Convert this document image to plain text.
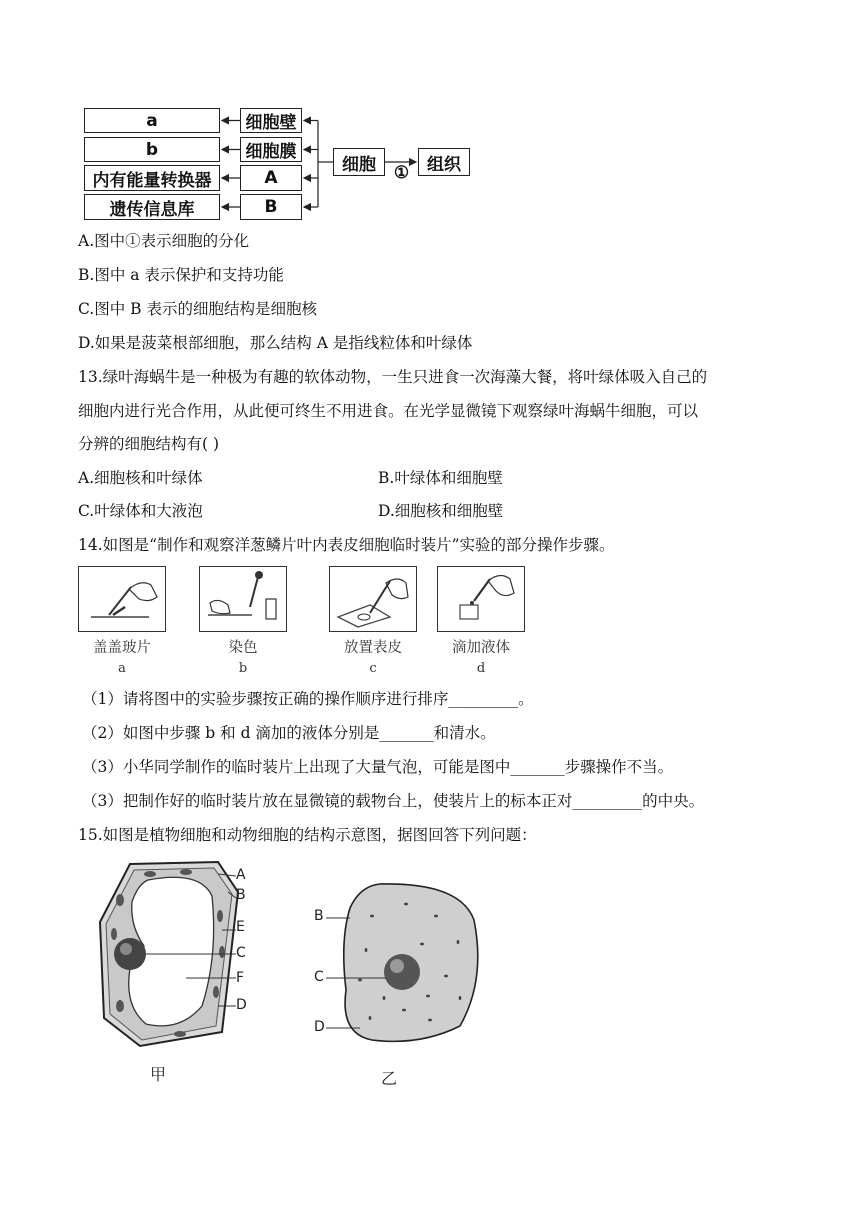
a
b
内有能量转换器
遗传信息库
细胞壁
细胞膜
A
B
细胞	组织
①
A.图中①表示细胞的分化
B.图中 a 表示保护和支持功能
C.图中 B 表示的细胞结构是细胞核
D.如果是菠菜根部细胞，那么结构 A 是指线粒体和叶绿体
13.绿叶海蜗牛是一种极为有趣的软体动物，一生只进食一次海藻大餐，将叶绿体吸入自己的
细胞内进行光合作用，从此便可终生不用进食。在光学显微镜下观察绿叶海蜗牛细胞，可以
分辨的细胞结构有( )
A.细胞核和叶绿体	B.叶绿体和细胞壁
C.叶绿体和大液泡	D.细胞核和细胞壁
14.如图是“制作和观察洋葱鳞片叶内表皮细胞临时装片”实验的部分操作步骤。
盖盖玻片
a
染色
b
放置表皮
c
滴加液体
d
（1）请将图中的实验步骤按正确的操作顺序进行排序_________。
（2）如图中步骤 b 和 d 滴加的液体分别是_______和清水。
（3）小华同学制作的临时装片上出现了大量气泡，可能是图中_______步骤操作不当。
（3）把制作好的临时装片放在显微镜的载物台上，使装片上的标本正对_________的中央。
15.如图是植物细胞和动物细胞的结构示意图，据图回答下列问题：
A
B
E
C
F
D
甲
B
C
D
乙
